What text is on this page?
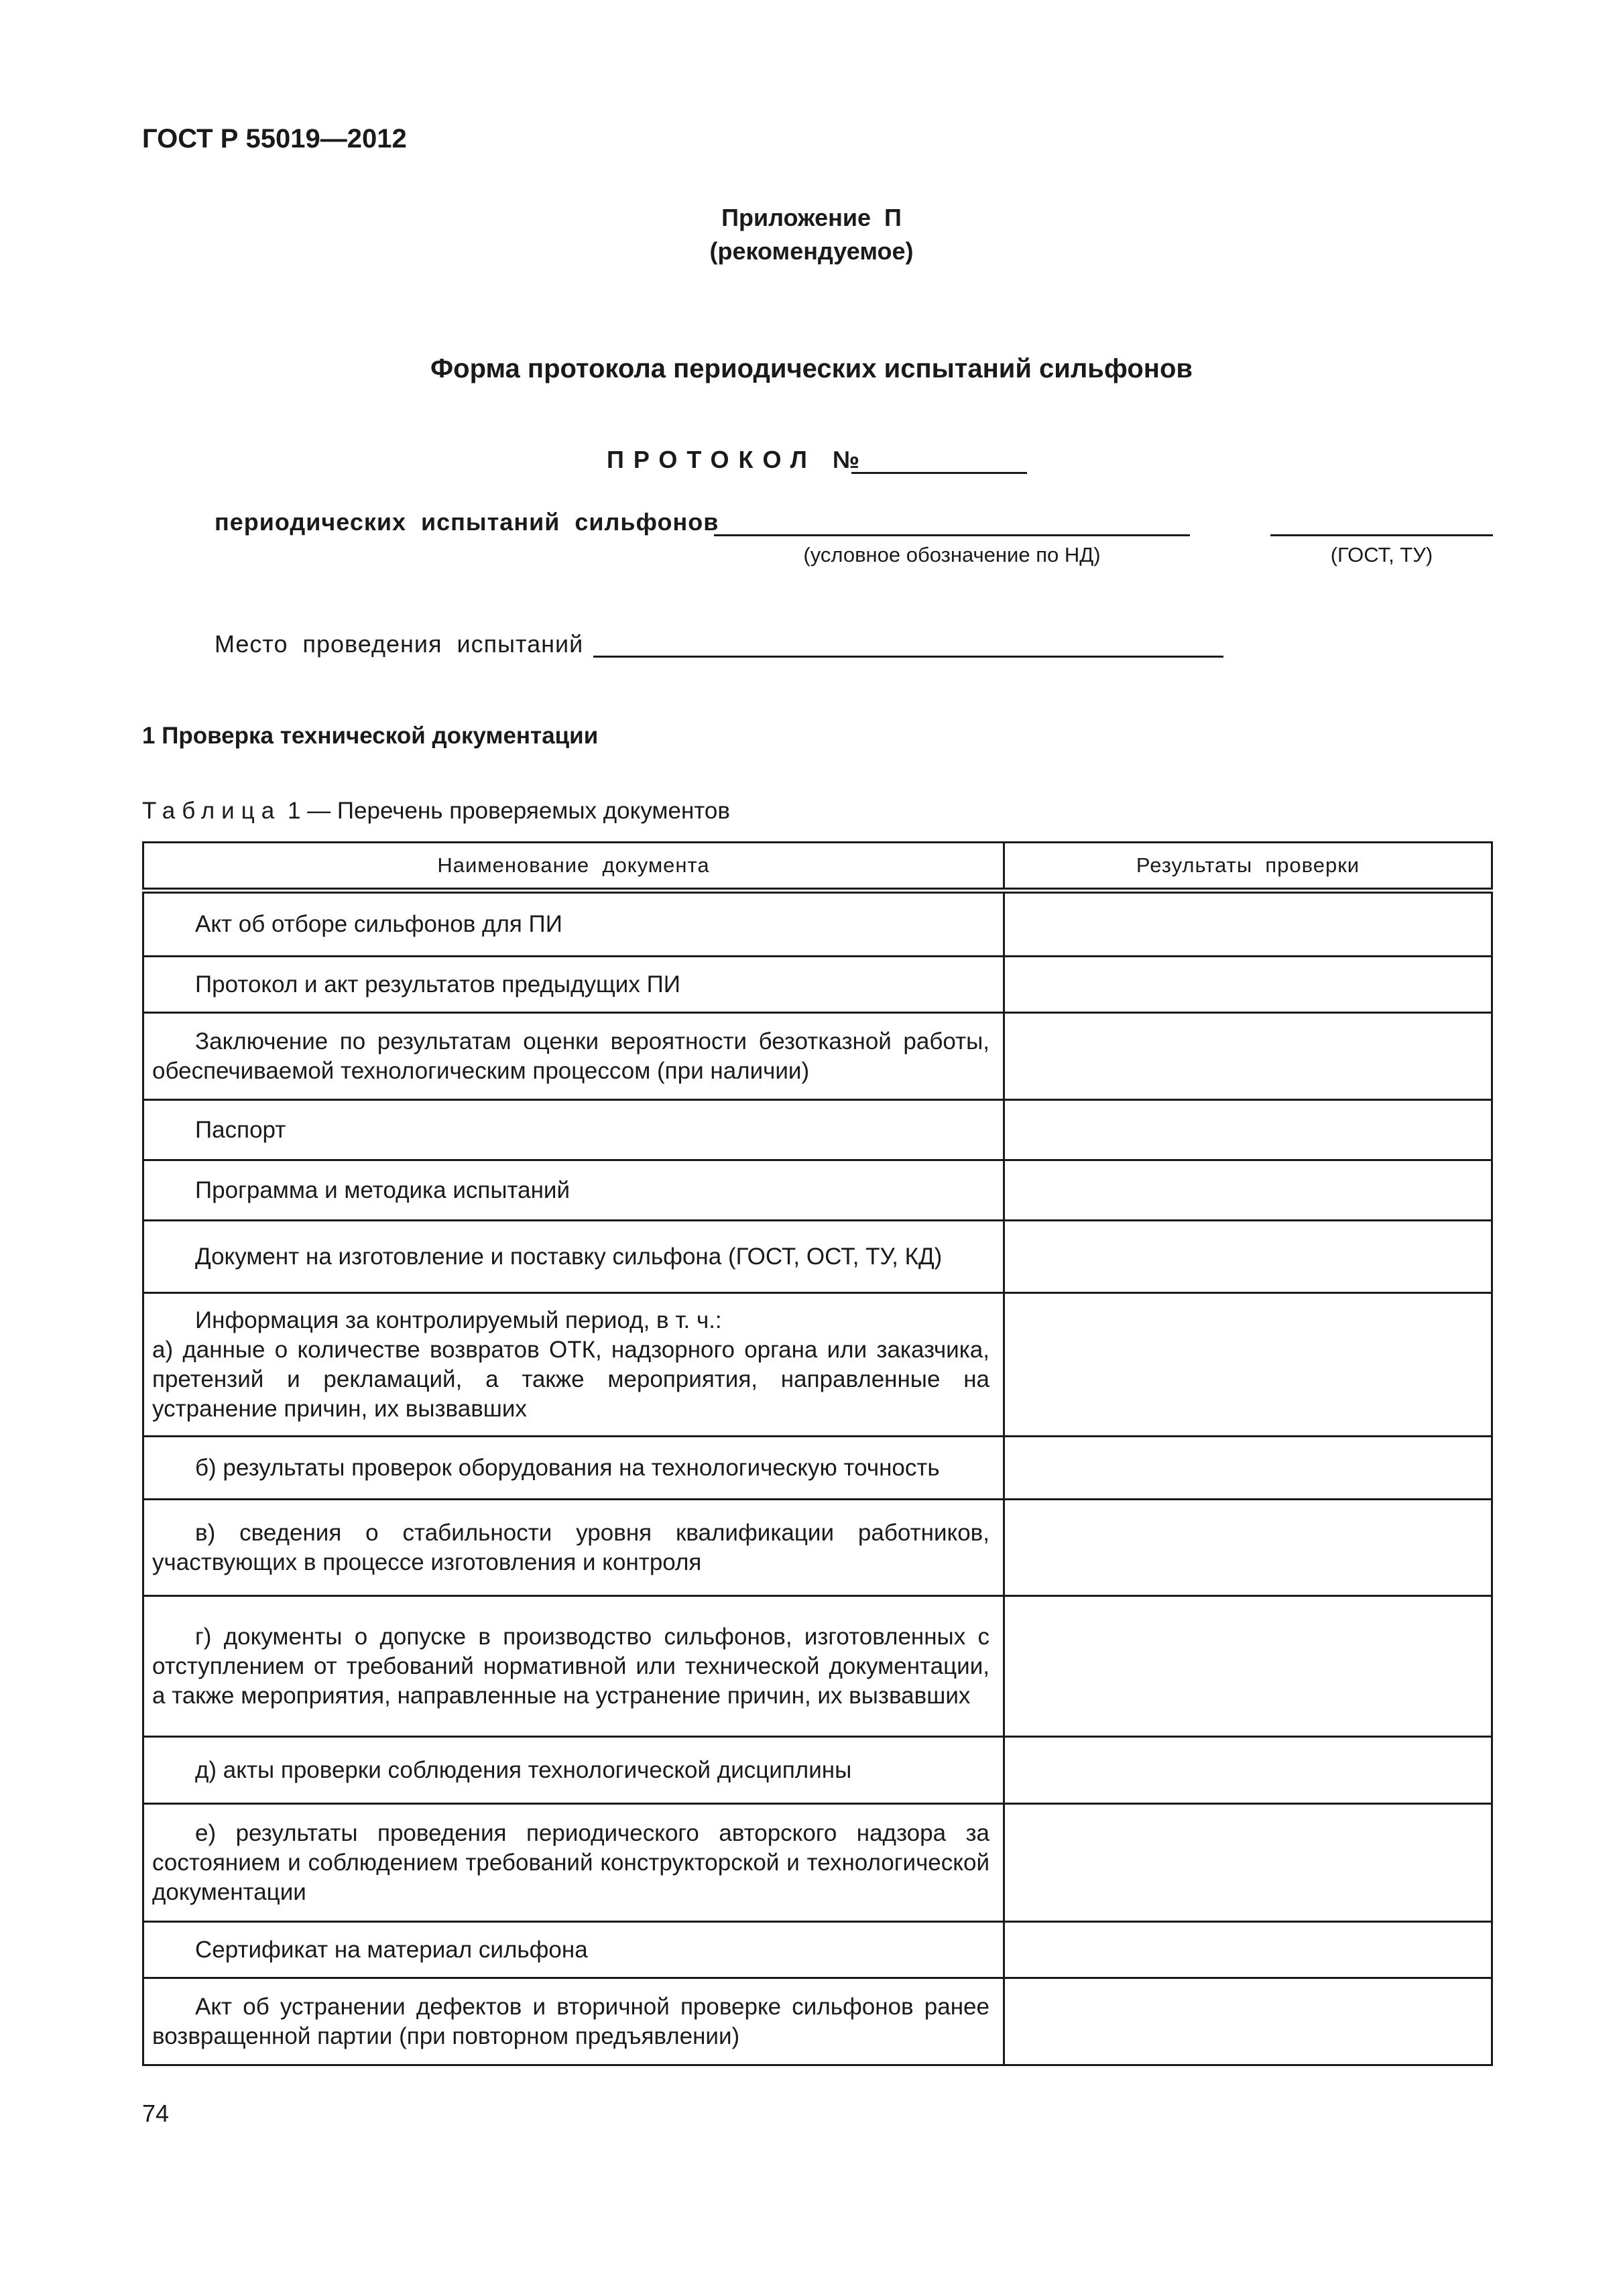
ГОСТ Р 55019—2012
Приложение  П
(рекомендуемое)
Форма протокола периодических испытаний сильфонов
ПРОТОКОЛ №
периодических  испытаний  сильфонов
(условное обозначение по НД)	(ГОСТ, ТУ)
Место  проведения  испытаний
1 Проверка технической документации
Таблица 1 — Перечень проверяемых документов
Наименование  документа	Результаты  проверки
Акт об отборе сильфонов для ПИ	
Протокол и акт результатов предыдущих ПИ	
Заключение по результатам оценки вероятности безотказной работы, обеспечиваемой технологическим процессом (при наличии)	
Паспорт	
Программа и методика испытаний	
Документ на изготовление и поставку сильфона (ГОСТ, ОСТ, ТУ, КД)	

Информация за контролируемый период, в т. ч.:
а) данные о количестве возвратов ОТК, надзорного органа или заказчика, претензий и рекламаций, а также мероприятия, направленные на устранение причин, их вызвавших	

б) результаты проверок оборудования на технологическую точность	
в) сведения о стабильности уровня квалификации работников, участвующих в процессе изготовления и контроля	
г) документы о допуске в производство сильфонов, изготовленных с отступлением от требований нормативной или технической документации, а также мероприятия, направленные на устранение причин, их вызвавших	
д) акты проверки соблюдения технологической дисциплины	
е) результаты проведения периодического авторского надзора за состоянием и соблюдением требований конструкторской и технологической документации	
Сертификат на материал сильфона	
Акт об устранении дефектов и вторичной проверке сильфонов ранее возвращенной партии (при повторном предъявлении)	
74
